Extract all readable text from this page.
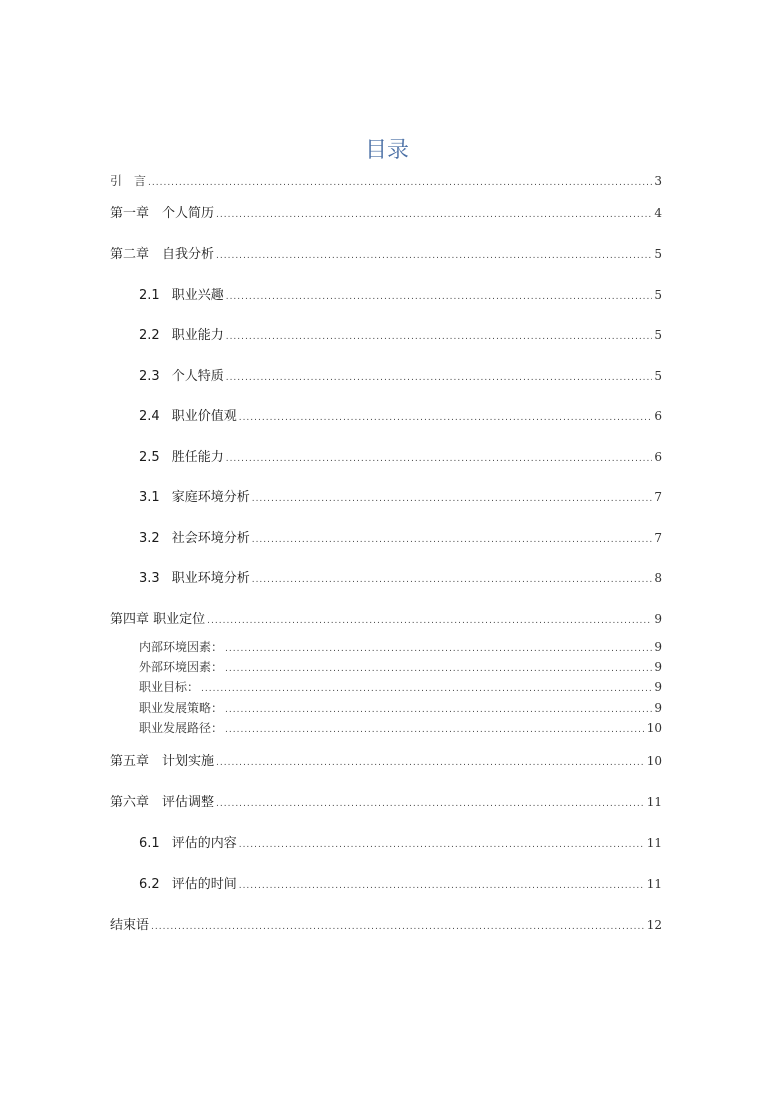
目录
引　言 .....	3
第一章　个人简历 .....	4
第二章　自我分析 .....	5
2.1 职业兴趣 .....	5
2.2 职业能力 .....	5
2.3 个人特质 .....	5
2.4 职业价值观 .....	6
2.5 胜任能力 .....	6
3.1 家庭环境分析 .....	7
3.2 社会环境分析 .....	7
3.3 职业环境分析 .....	8
第四章 职业定位 .....	9
内部环境因素： .....	9
外部环境因素： .....	9
职业目标： .....	9
职业发展策略： .....	9
职业发展路径： .....	10
第五章　计划实施 .....	10
第六章　评估调整 .....	11
6.1 评估的内容 .....	11
6.2 评估的时间 .....	11
结束语 .....	12
